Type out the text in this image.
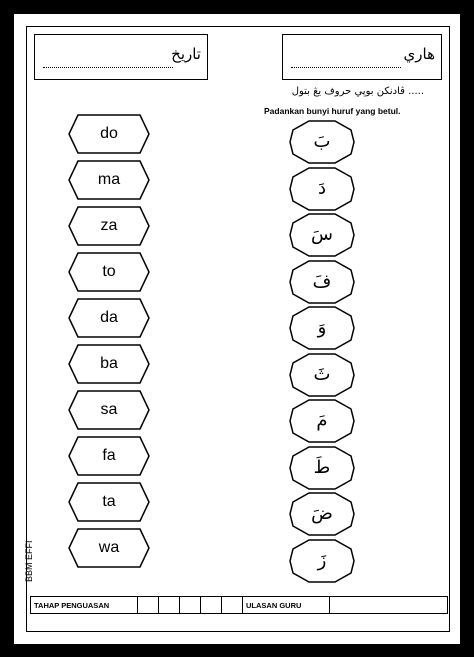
تاريخ	هاري
ڤادنكن بوڽي حروف يڠ بتول .....
Padankan bunyi huruf yang betul.
do
ma
za
to
da
ba
sa
fa
ta
wa
بَ
دَ
سَ
فَ
وَ
ثَ
مَ
طَ
ضَ
زَ
BBM EFFI
TAHAP PENGUASAN						ULASAN GURU	
